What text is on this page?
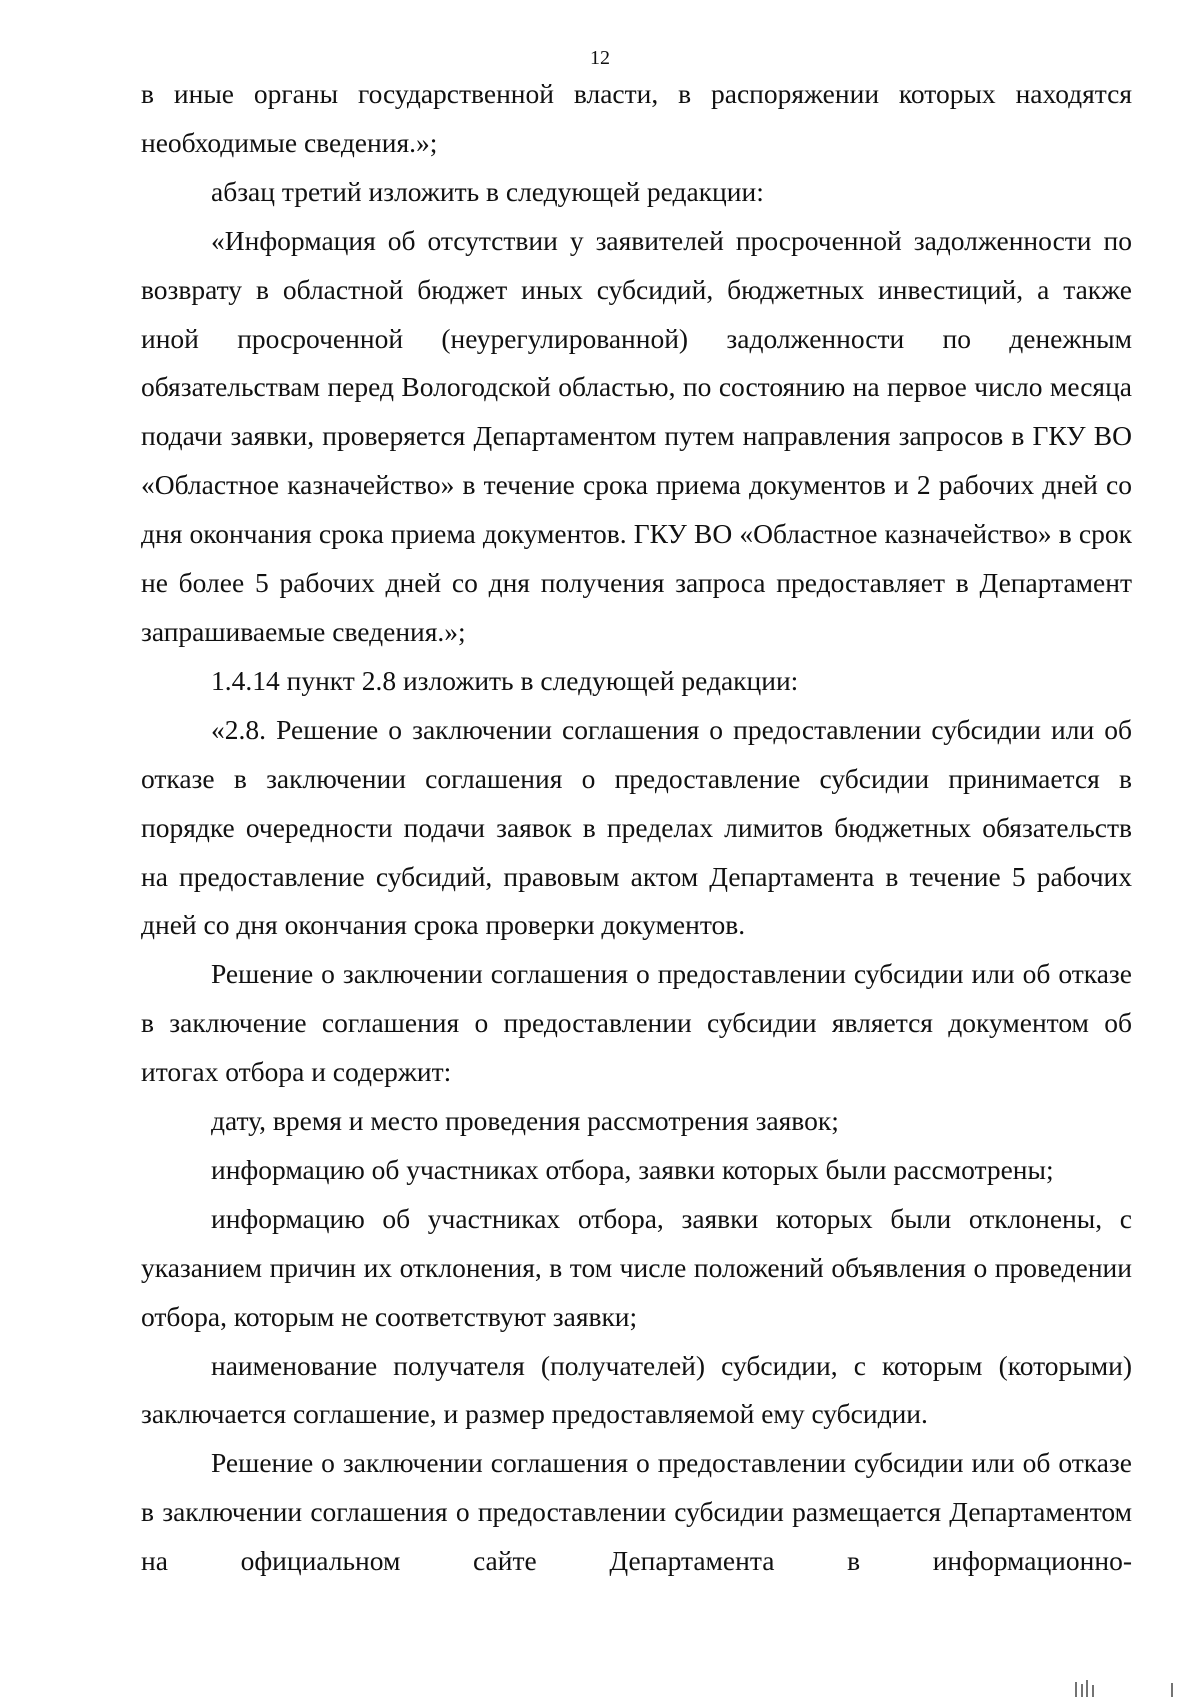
12

в иные органы государственной власти, в распоряжении которых находятся необходимые сведения.»;

абзац третий изложить в следующей редакции:

«Информация об отсутствии у заявителей просроченной задолженности по возврату в областной бюджет иных субсидий, бюджетных инвестиций, а также иной просроченной (неурегулированной) задолженности по денежным обязательствам перед Вологодской областью, по состоянию на первое число месяца подачи заявки, проверяется Департаментом путем направления запросов в ГКУ ВО «Областное казначейство» в течение срока приема документов и 2 рабочих дней со дня окончания срока приема документов. ГКУ ВО «Областное казначейство» в срок не более 5 рабочих дней со дня получения запроса предоставляет в Департамент запрашиваемые сведения.»;

1.4.14 пункт 2.8 изложить в следующей редакции:

«2.8. Решение о заключении соглашения о предоставлении субсидии или об отказе в заключении соглашения о предоставление субсидии принимается в порядке очередности подачи заявок в пределах лимитов бюджетных обязательств на предоставление субсидий, правовым актом Департамента в течение 5 рабочих дней со дня окончания срока проверки документов.

Решение о заключении соглашения о предоставлении субсидии или об отказе в заключение соглашения о предоставлении субсидии является документом об итогах отбора и содержит:

дату, время и место проведения рассмотрения заявок;

информацию об участниках отбора, заявки которых были рассмотрены;

информацию об участниках отбора, заявки которых были отклонены, с указанием причин их отклонения, в том числе положений объявления о проведении отбора, которым не соответствуют заявки;

наименование получателя (получателей) субсидии, с которым (которыми) заключается соглашение, и размер предоставляемой ему субсидии.

Решение о заключении соглашения о предоставлении субсидии или об отказе в заключении соглашения о предоставлении субсидии размещается Департаментом на официальном сайте Департамента в информационно-
